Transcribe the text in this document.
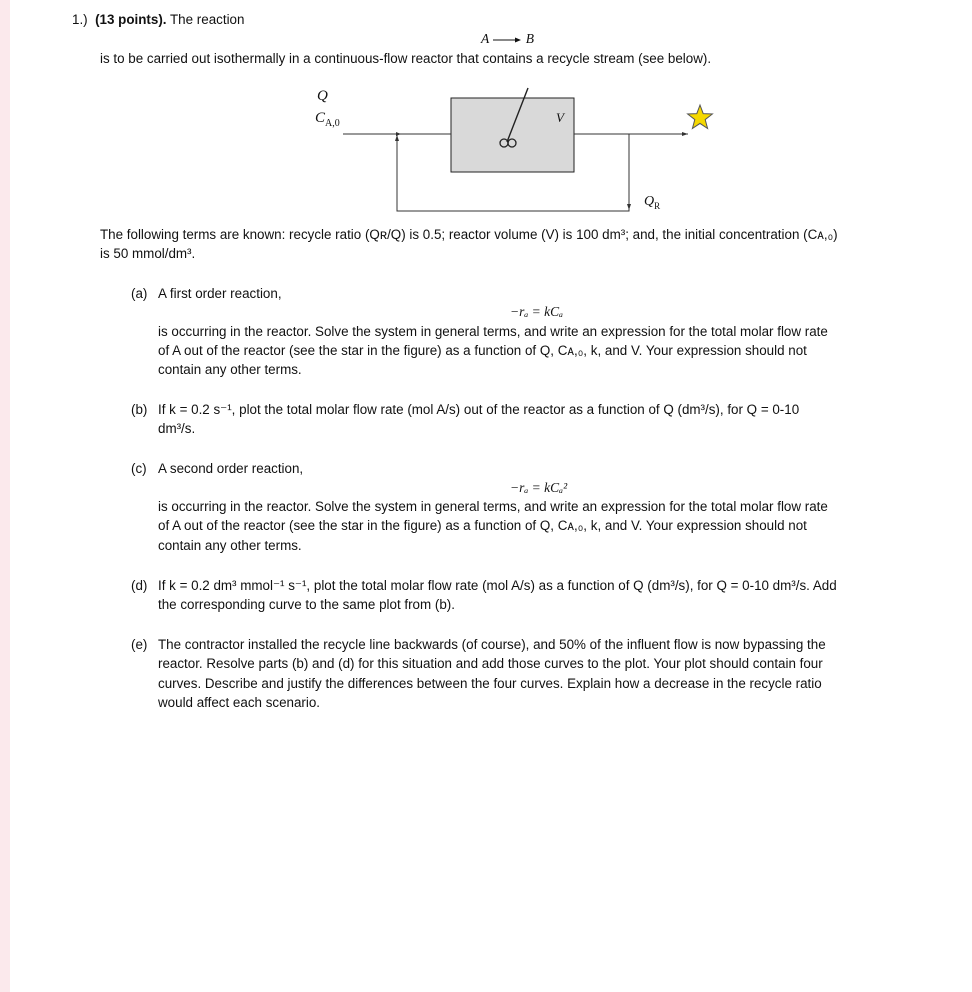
1.) (13 points). The reaction
A → B
is to be carried out isothermally in a continuous-flow reactor that contains a recycle stream (see below).
Q
$C_{A,0}$	V
$Q_R$
The following terms are known: recycle ratio (Qʀ/Q) is 0.5; reactor volume (V) is 100 dm³; and, the initial concentration (Cᴀ,₀)
is 50 mmol/dm³.
(a) A first order reaction,
−rₐ = kCₐ
is occurring in the reactor. Solve the system in general terms, and write an expression for the total molar flow rate
of A out of the reactor (see the star in the figure) as a function of Q, Cᴀ,₀, k, and V. Your expression should not
contain any other terms.
(b) If k = 0.2 s⁻¹, plot the total molar flow rate (mol A/s) out of the reactor as a function of Q (dm³/s), for Q = 0-10
dm³/s.
(c) A second order reaction,
−rₐ = kCₐ²
is occurring in the reactor. Solve the system in general terms, and write an expression for the total molar flow rate
of A out of the reactor (see the star in the figure) as a function of Q, Cᴀ,₀, k, and V. Your expression should not
contain any other terms.
(d) If k = 0.2 dm³ mmol⁻¹ s⁻¹, plot the total molar flow rate (mol A/s) as a function of Q (dm³/s), for Q = 0-10 dm³/s. Add
the corresponding curve to the same plot from (b).
(e) The contractor installed the recycle line backwards (of course), and 50% of the influent flow is now bypassing the
reactor. Resolve parts (b) and (d) for this situation and add those curves to the plot. Your plot should contain four
curves. Describe and justify the differences between the four curves. Explain how a decrease in the recycle ratio
would affect each scenario.
